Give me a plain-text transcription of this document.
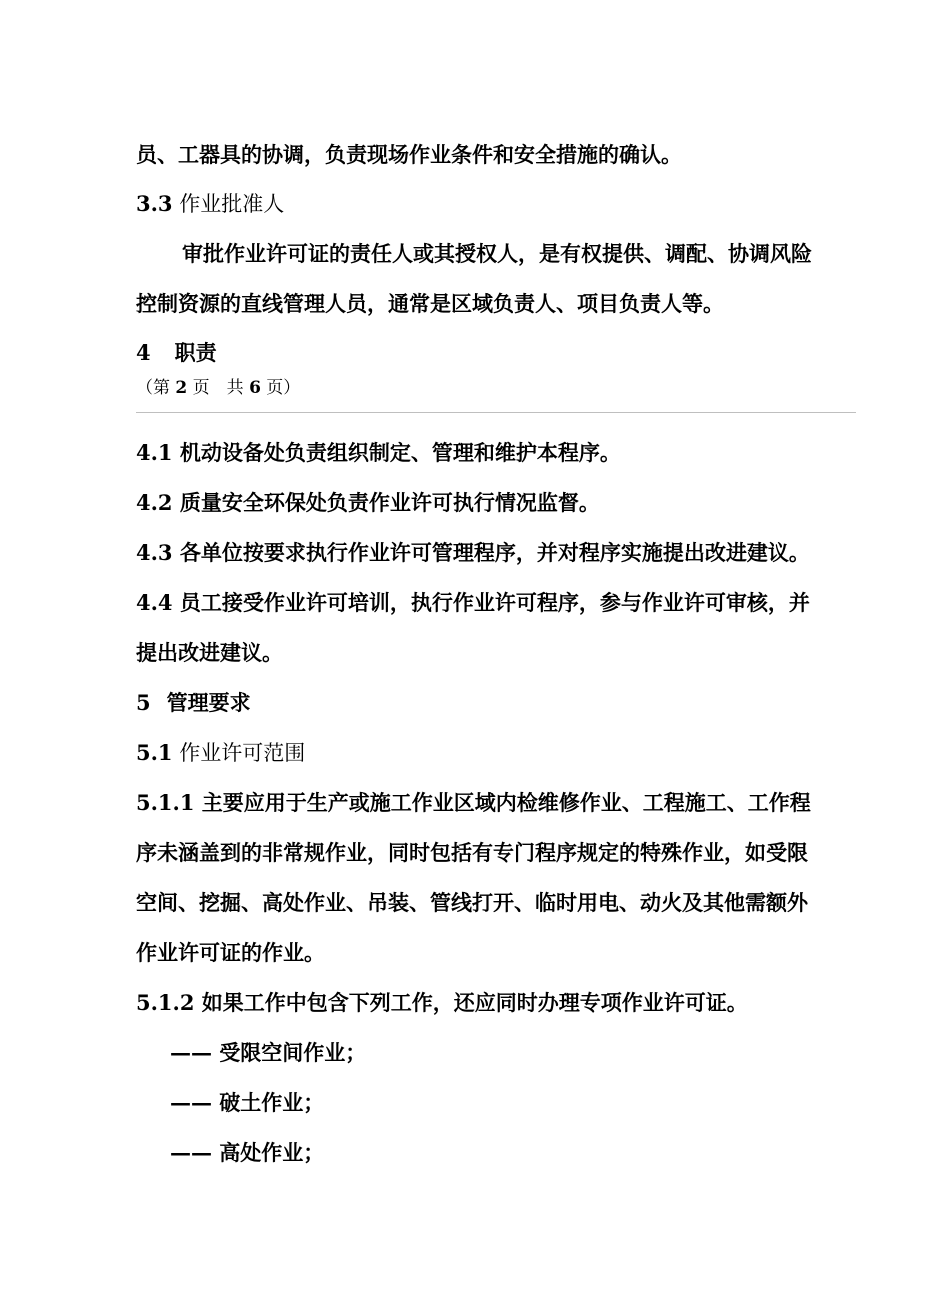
员、工器具的协调，负责现场作业条件和安全措施的确认。
3.3 作业批准人
审批作业许可证的责任人或其授权人，是有权提供、调配、协调风险
控制资源的直线管理人员，通常是区域负责人、项目负责人等。
4 职责
（第 2 页　共 6 页）
4.1 机动设备处负责组织制定、管理和维护本程序。
4.2 质量安全环保处负责作业许可执行情况监督。
4.3 各单位按要求执行作业许可管理程序，并对程序实施提出改进建议。
4.4 员工接受作业许可培训，执行作业许可程序，参与作业许可审核，并
提出改进建议。
5 管理要求
5.1 作业许可范围
5.1.1 主要应用于生产或施工作业区域内检维修作业、工程施工、工作程
序未涵盖到的非常规作业，同时包括有专门程序规定的特殊作业，如受限
空间、挖掘、高处作业、吊装、管线打开、临时用电、动火及其他需额外
作业许可证的作业。
5.1.2 如果工作中包含下列工作，还应同时办理专项作业许可证。
—— 受限空间作业；
—— 破土作业；
—— 高处作业；
